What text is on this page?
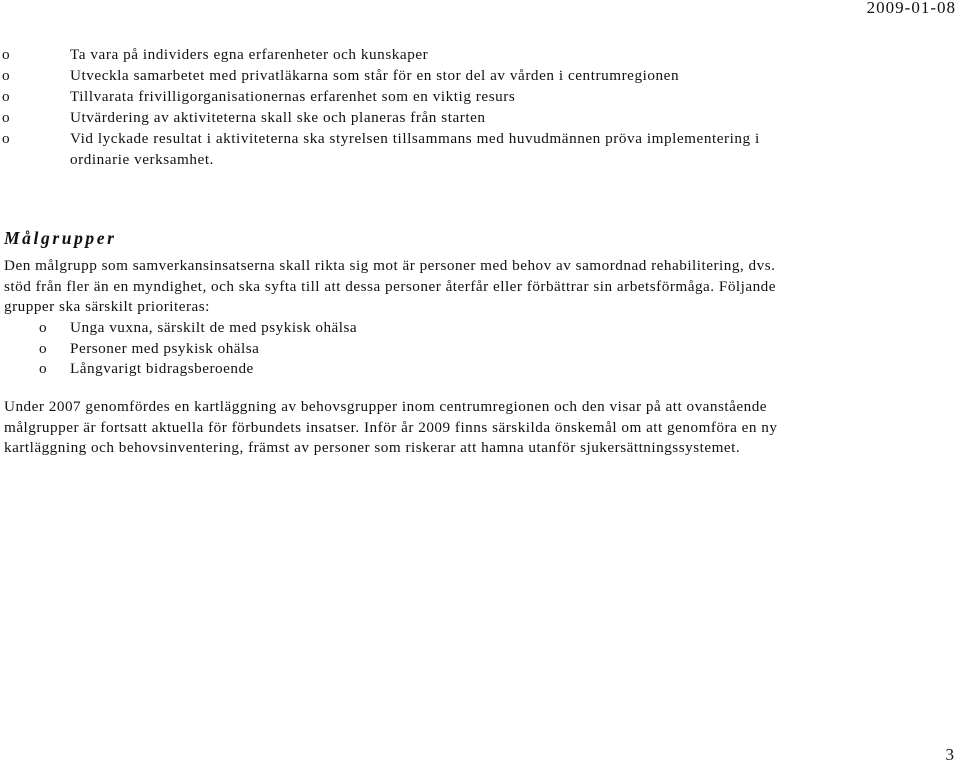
2009-01-08
o	Ta vara på individers egna erfarenheter och kunskaper
o	Utveckla samarbetet med privatläkarna som står för en stor del av vården i centrumregionen
o	Tillvarata frivilligorganisationernas erfarenhet som en viktig resurs
o	Utvärdering av aktiviteterna skall ske och planeras från starten
o	Vid lyckade resultat i aktiviteterna ska styrelsen tillsammans med huvudmännen pröva implementering i
ordinarie verksamhet.
Målgrupper

Den målgrupp som samverkansinsatserna skall rikta sig mot är personer med behov av samordnad rehabilitering, dvs.
stöd från fler än en myndighet, och ska syfta till att dessa personer återfår eller förbättrar sin arbetsförmåga. Följande
grupper ska särskilt prioriteras:

o Unga vuxna, särskilt de med psykisk ohälsa
o Personer med psykisk ohälsa
o Långvarigt bidragsberoende

Under 2007 genomfördes en kartläggning av behovsgrupper inom centrumregionen och den visar på att ovanstående
målgrupper är fortsatt aktuella för förbundets insatser. Inför år 2009 finns särskilda önskemål om att genomföra en ny
kartläggning och behovsinventering, främst av personer som riskerar att hamna utanför sjukersättningssystemet.

3
